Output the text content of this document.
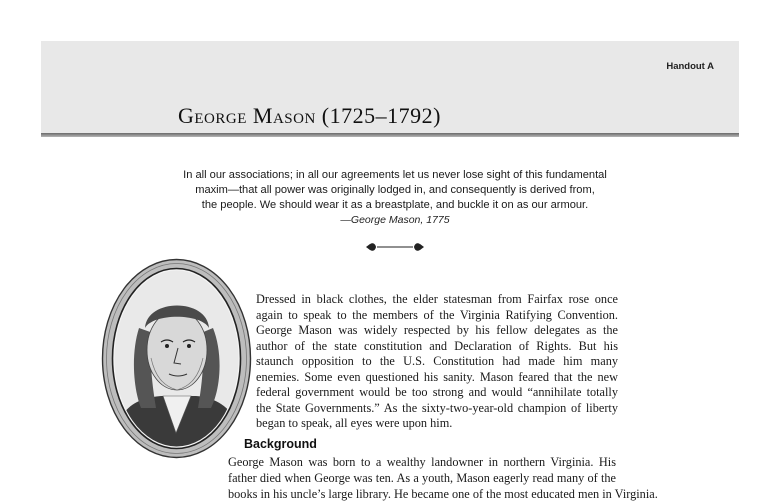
Handout A
George Mason (1725–1792)
In all our associations; in all our agreements let us never lose sight of this fundamental
maxim—that all power was originally lodged in, and consequently is derived from,
the people. We should wear it as a breastplate, and buckle it on as our armour.
—George Mason, 1775
Dressed in black clothes, the elder statesman from Fairfax rose once
again to speak to the members of the Virginia Ratifying Convention.
George Mason was widely respected by his fellow delegates as the
author of the state constitution and Declaration of Rights. But his
staunch opposition to the U.S. Constitution had made him many
enemies. Some even questioned his sanity. Mason feared that the new
federal government would be too strong and would “annihilate totally
the State Governments.” As the sixty-two-year-old champion of liberty
began to speak, all eyes were upon him.
Background
George Mason was born to a wealthy landowner in northern Virginia. His
father died when George was ten. As a youth, Mason eagerly read many of the
books in his uncle’s large library. He became one of the most educated men in Virginia.
